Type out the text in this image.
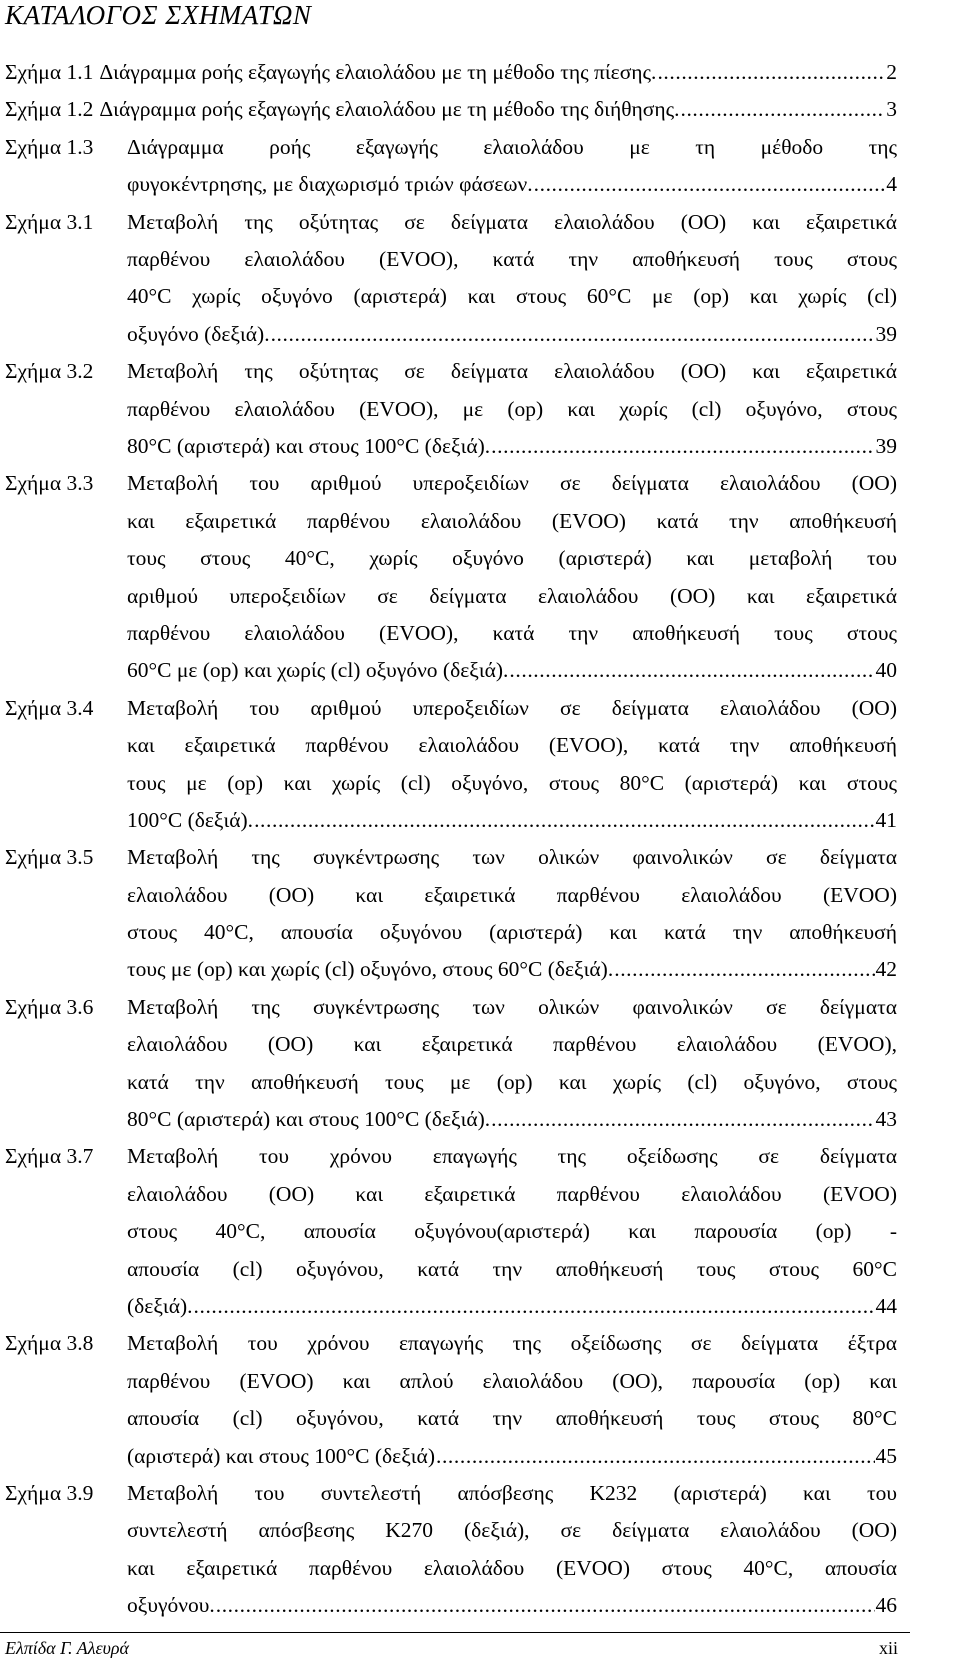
ΚΑΤΑΛΟΓΟΣ ΣΧΗΜΑΤΩΝ
Σχήμα 1.1 Διάγραμμα ροής εξαγωγής ελαιολάδου με τη μέθοδο της πίεσης. .....	2
Σχήμα 1.2 Διάγραμμα ροής εξαγωγής ελαιολάδου με τη μέθοδο της διήθησης. .....	3
Σχήμα 1.3	Διάγραμμα ροής εξαγωγής ελαιολάδου με τη μέθοδο της
φυγοκέντρησης, με διαχωρισμό τριών φάσεων. .....	4
Σχήμα 3.1	Μεταβολή της οξύτητας σε δείγματα ελαιολάδου (ΟΟ) και εξαιρετικά
παρθένου ελαιολάδου (EVOO), κατά την αποθήκευσή τους στους
40°C χωρίς οξυγόνο (αριστερά) και στους 60°C με (op) και χωρίς (cl)
οξυγόνο (δεξιά). .....	39
Σχήμα 3.2	Μεταβολή της οξύτητας σε δείγματα ελαιολάδου (ΟΟ) και εξαιρετικά
παρθένου ελαιολάδου (EVOO), με (op) και χωρίς (cl) οξυγόνο, στους
80°C (αριστερά) και στους 100°C (δεξιά). .....	39
Σχήμα 3.3	Μεταβολή του αριθμού υπεροξειδίων σε δείγματα ελαιολάδου (ΟΟ)
και εξαιρετικά παρθένου ελαιολάδου (EVOO) κατά την αποθήκευσή
τους στους 40°C, χωρίς οξυγόνο (αριστερά) και μεταβολή του
αριθμού υπεροξειδίων σε δείγματα ελαιολάδου (ΟΟ) και εξαιρετικά
παρθένου ελαιολάδου (EVOO), κατά την αποθήκευσή τους στους
60°C με (op) και χωρίς (cl) οξυγόνο (δεξιά). .....	40
Σχήμα 3.4	Μεταβολή του αριθμού υπεροξειδίων σε δείγματα ελαιολάδου (ΟΟ)
και εξαιρετικά παρθένου ελαιολάδου (EVOO), κατά την αποθήκευσή
τους με (op) και χωρίς (cl) οξυγόνο, στους 80°C (αριστερά) και στους
100°C (δεξιά). .....	41
Σχήμα 3.5	Μεταβολή της συγκέντρωσης των ολικών φαινολικών σε δείγματα
ελαιολάδου (ΟΟ) και εξαιρετικά παρθένου ελαιολάδου (EVOO)
στους 40°C, απουσία οξυγόνου (αριστερά) και κατά την αποθήκευσή
τους με (op) και χωρίς (cl) οξυγόνο, στους 60°C (δεξιά). .....	42
Σχήμα 3.6	Μεταβολή της συγκέντρωσης των ολικών φαινολικών σε δείγματα
ελαιολάδου (ΟΟ) και εξαιρετικά παρθένου ελαιολάδου (EVOO),
κατά την αποθήκευσή τους με (op) και χωρίς (cl) οξυγόνο, στους
80°C (αριστερά) και στους 100°C (δεξιά). .....	43
Σχήμα 3.7	Μεταβολή του χρόνου επαγωγής της οξείδωσης σε δείγματα
ελαιολάδου (ΟΟ) και εξαιρετικά παρθένου ελαιολάδου (EVOO)
στους 40°C, απουσία οξυγόνου(αριστερά) και παρουσία (op) -
απουσία (cl) οξυγόνου, κατά την αποθήκευσή τους στους 60°C
(δεξιά). .....	44
Σχήμα 3.8	Μεταβολή του χρόνου επαγωγής της οξείδωσης σε δείγματα έξτρα
παρθένου (EVOO) και απλού ελαιολάδου (ΟΟ), παρουσία (op) και
απουσία (cl) οξυγόνου, κατά την αποθήκευσή τους στους 80°C
(αριστερά) και στους 100°C (δεξιά) .....	45
Σχήμα 3.9	Μεταβολή του συντελεστή απόσβεσης Κ232 (αριστερά) και του
συντελεστή απόσβεσης Κ270 (δεξιά), σε δείγματα ελαιολάδου (ΟΟ)
και εξαιρετικά παρθένου ελαιολάδου (EVOO) στους 40°C, απουσία
οξυγόνου. .....	46
Ελπίδα Γ. Αλευρά	xii
